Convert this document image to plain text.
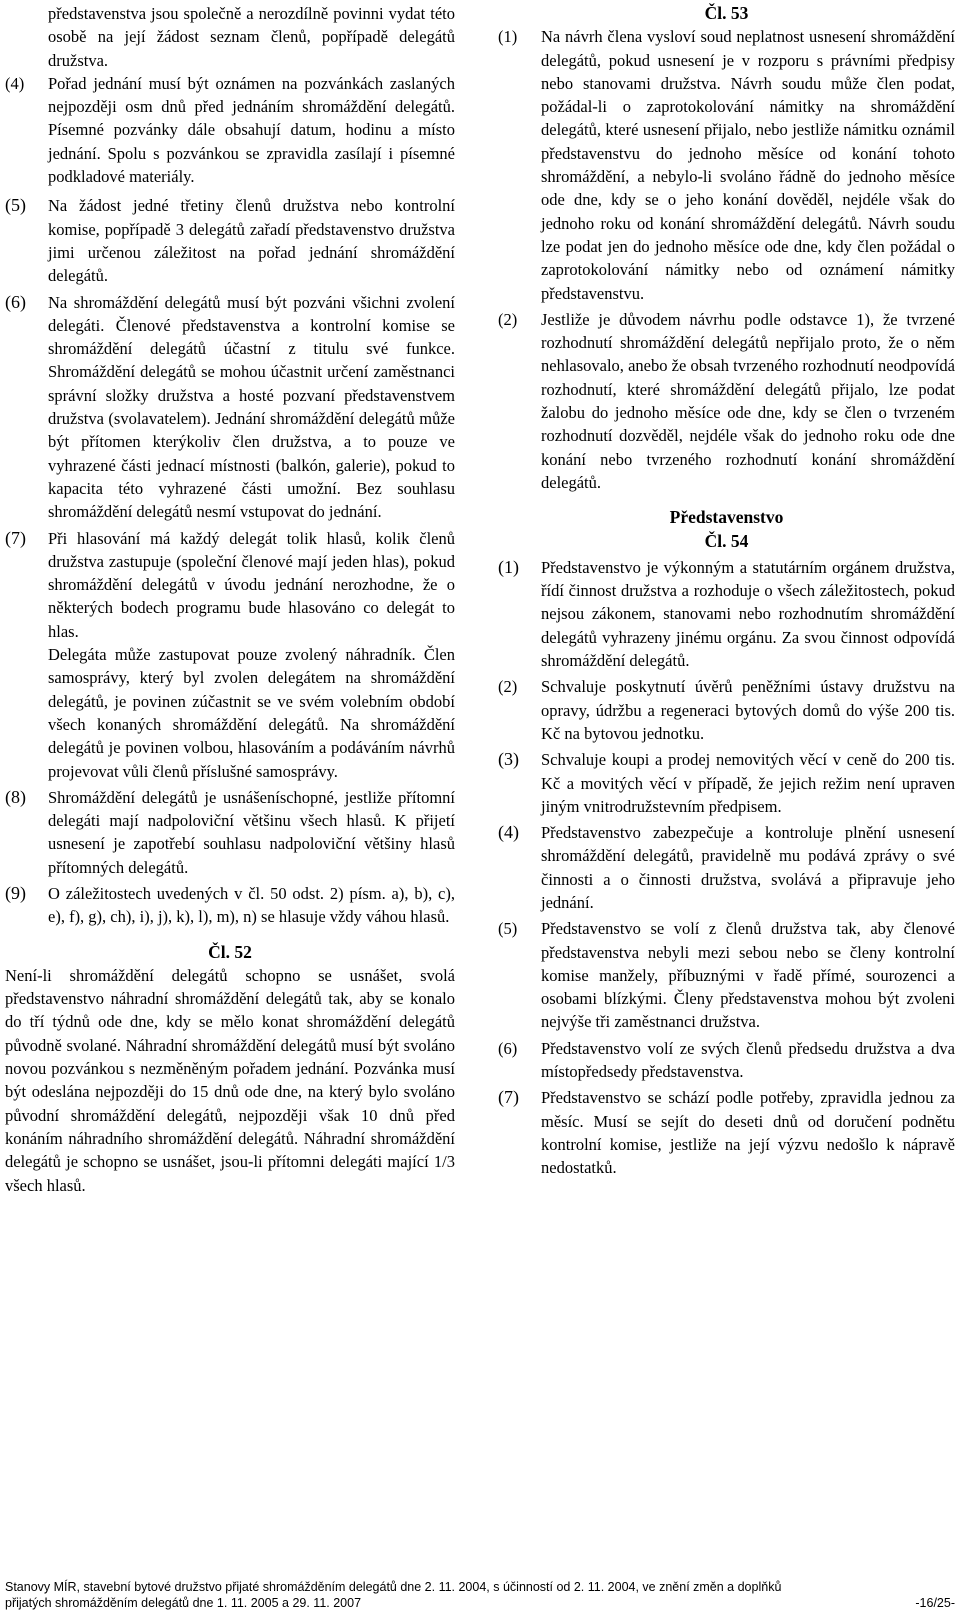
představenstva jsou společně a nerozdílně povinni vydat této osobě na její žádost seznam členů, popřípadě delegátů družstva.
(4)	Pořad jednání musí být oznámen na pozvánkách zaslaných nejpozději osm dnů před jednáním shromáždění delegátů. Písemné pozvánky dále obsahují datum, hodinu a místo jednání. Spolu s pozvánkou se zpravidla zasílají i písemné podkladové materiály.
(5)	Na žádost jedné třetiny členů družstva nebo kontrolní komise, popřípadě 3 delegátů zařadí představenstvo družstva jimi určenou záležitost na pořad jednání shromáždění delegátů.
(6)	Na shromáždění delegátů musí být pozváni všichni zvolení delegáti. Členové představenstva a kontrolní komise se shromáždění delegátů účastní z titulu své funkce. Shromáždění delegátů se mohou účastnit určení zaměstnanci správní složky družstva a hosté pozvaní představenstvem družstva (svolavatelem). Jednání shromáždění delegátů může být přítomen kterýkoliv člen družstva, a to pouze ve vyhrazené části jednací místnosti (balkón, galerie), pokud to kapacita této vyhrazené části umožní. Bez souhlasu shromáždění delegátů nesmí vstupovat do jednání.
(7)	Při hlasování má každý delegát tolik hlasů, kolik členů družstva zastupuje (společní členové mají jeden hlas), pokud shromáždění delegátů v úvodu jednání nerozhodne, že o některých bodech programu bude hlasováno co delegát to hlas.
Delegáta může zastupovat pouze zvolený náhradník. Člen samosprávy, který byl zvolen delegátem na shromáždění delegátů, je povinen zúčastnit se ve svém volebním období všech konaných shromáždění delegátů. Na shromáždění delegátů je povinen volbou, hlasováním a podáváním návrhů projevovat vůli členů příslušné samosprávy.
(8)	Shromáždění delegátů je usnášeníschopné, jestliže přítomní delegáti mají nadpoloviční většinu všech hlasů. K přijetí usnesení je zapotřebí souhlasu nadpoloviční většiny hlasů přítomných delegátů.
(9)	O záležitostech uvedených v čl. 50 odst. 2) písm. a), b), c), e), f), g), ch), i), j), k), l), m), n) se hlasuje vždy váhou hlasů.
Čl. 52
Není-li shromáždění delegátů schopno se usnášet, svolá představenstvo náhradní shromáždění delegátů tak, aby se konalo do tří týdnů ode dne, kdy se mělo konat shromáždění delegátů původně svolané. Náhradní shromáždění delegátů musí být svoláno novou pozvánkou s nezměněným pořadem jednání. Pozvánka musí být odeslána nejpozději do 15 dnů ode dne, na který bylo svoláno původní shromáždění delegátů, nejpozději však 10 dnů před konáním náhradního shromáždění delegátů. Náhradní shromáždění delegátů je schopno se usnášet, jsou-li přítomni delegáti mající 1/3 všech hlasů.
Čl. 53
(1)	Na návrh člena vysloví soud neplatnost usnesení shromáždění delegátů, pokud usnesení je v rozporu s právními předpisy nebo stanovami družstva. Návrh soudu může člen podat, požádal-li o zaprotokolování námitky na shromáždění delegátů, které usnesení přijalo, nebo jestliže námitku oznámil představenstvu do jednoho měsíce od konání tohoto shromáždění, a nebylo-li svoláno řádně do jednoho měsíce ode dne, kdy se o jeho konání dověděl, nejdéle však do jednoho roku od konání shromáždění delegátů. Návrh soudu lze podat jen do jednoho měsíce ode dne, kdy člen požádal o zaprotokolování námitky nebo od oznámení námitky představenstvu.
(2)	Jestliže je důvodem návrhu podle odstavce 1), že tvrzené rozhodnutí shromáždění delegátů nepřijalo proto, že o něm nehlasovalo, anebo že obsah tvrzeného rozhodnutí neodpovídá rozhodnutí, které shromáždění delegátů přijalo, lze podat žalobu do jednoho měsíce ode dne, kdy se člen o tvrzeném rozhodnutí dozvěděl, nejdéle však do jednoho roku ode dne konání nebo tvrzeného rozhodnutí konání shromáždění delegátů.
Představenstvo
Čl. 54
(1)	Představenstvo je výkonným a statutárním orgánem družstva, řídí činnost družstva a rozhoduje o všech záležitostech, pokud nejsou zákonem, stanovami nebo rozhodnutím shromáždění delegátů vyhrazeny jinému orgánu. Za svou činnost odpovídá shromáždění delegátů.
(2)	Schvaluje poskytnutí úvěrů peněžními ústavy družstvu na opravy, údržbu a regeneraci bytových domů do výše 200 tis. Kč na bytovou jednotku.
(3)	Schvaluje koupi a prodej nemovitých věcí v ceně do 200 tis. Kč a movitých věcí v případě, že jejich režim není upraven jiným vnitrodružstevním předpisem.
(4)	Představenstvo zabezpečuje a kontroluje plnění usnesení shromáždění delegátů, pravidelně mu podává zprávy o své činnosti a o činnosti družstva, svolává a připravuje jeho jednání.
(5)	Představenstvo se volí z členů družstva tak, aby členové představenstva nebyli mezi sebou nebo se členy kontrolní komise manžely, příbuznými v řadě přímé, sourozenci a osobami blízkými. Členy představenstva mohou být zvoleni nejvýše tři zaměstnanci družstva.
(6)	Představenstvo volí ze svých členů předsedu družstva a dva místopředsedy představenstva.
(7)	Představenstvo se schází podle potřeby, zpravidla jednou za měsíc. Musí se sejít do deseti dnů od doručení podnětu kontrolní komise, jestliže na její výzvu nedošlo k nápravě nedostatků.
Stanovy MÍR, stavební bytové družstvo přijaté shromážděním delegátů dne 2. 11. 2004, s účinností od 2. 11. 2004, ve znění změn a doplňků
přijatých shromážděním delegátů dne 1. 11. 2005 a 29. 11. 2007	-16/25-
